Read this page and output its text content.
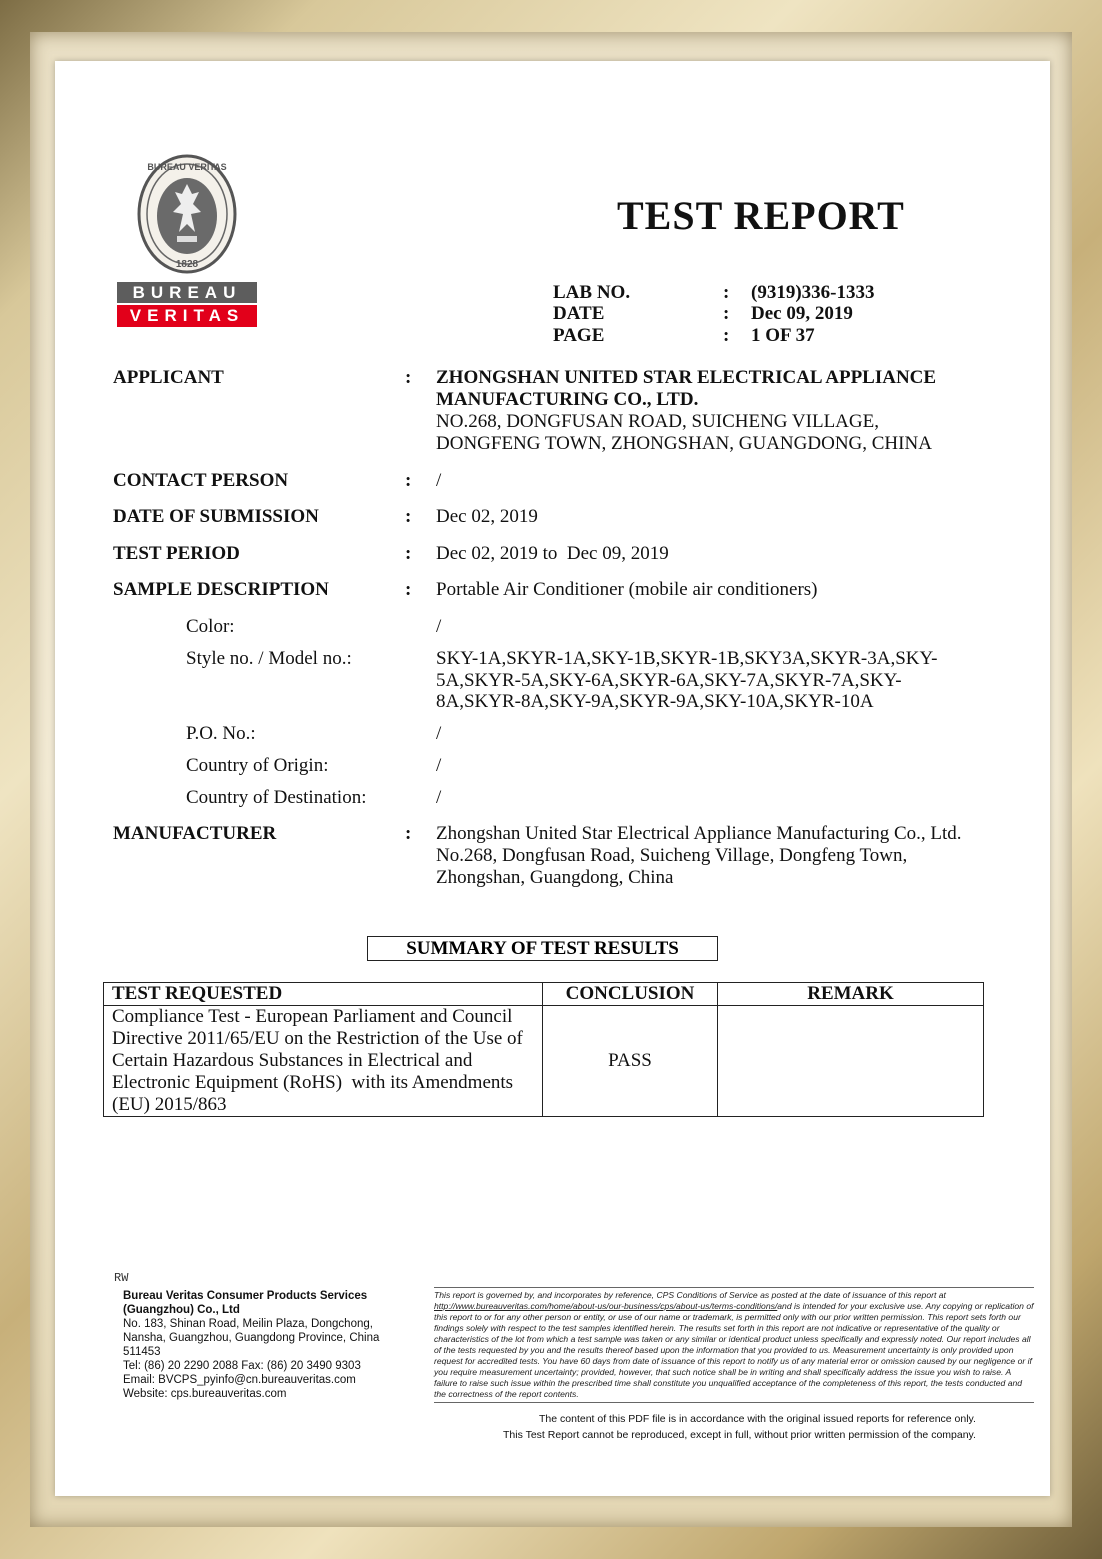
BUREAU VERITAS
1828
BUREAU
VERITAS
TEST REPORT
LAB NO.	: (9319)336-1333
DATE	: Dec 09, 2019
PAGE	: 1 OF 37
APPLICANT	: ZHONGSHAN UNITED STAR ELECTRICAL APPLIANCE
MANUFACTURING CO., LTD.
NO.268, DONGFUSAN ROAD, SUICHENG VILLAGE,
DONGFENG TOWN, ZHONGSHAN, GUANGDONG, CHINA
CONTACT PERSON	: /
DATE OF SUBMISSION	: Dec 02, 2019
TEST PERIOD	: Dec 02, 2019 to  Dec 09, 2019
SAMPLE DESCRIPTION	: Portable Air Conditioner (mobile air conditioners)
Color:	/
Style no. / Model no.:	SKY-1A,SKYR-1A,SKY-1B,SKYR-1B,SKY3A,SKYR-3A,SKY-
5A,SKYR-5A,SKY-6A,SKYR-6A,SKY-7A,SKYR-7A,SKY-
8A,SKYR-8A,SKY-9A,SKYR-9A,SKY-10A,SKYR-10A
P.O. No.:	/
Country of Origin:	/
Country of Destination:	/
MANUFACTURER	: Zhongshan United Star Electrical Appliance Manufacturing Co., Ltd.
No.268, Dongfusan Road, Suicheng Village, Dongfeng Town,
Zhongshan, Guangdong, China
SUMMARY OF TEST RESULTS
TEST REQUESTED	CONCLUSION	REMARK

Compliance Test - European Parliament and Council
Directive 2011/65/EU on the Restriction of the Use of
Certain Hazardous Substances in Electrical and
Electronic Equipment (RoHS)  with its Amendments
(EU) 2015/863	PASS	
RW
Bureau Veritas Consumer Products Services
(Guangzhou) Co., Ltd
No. 183, Shinan Road, Meilin Plaza, Dongchong,
Nansha, Guangzhou, Guangdong Province, China
511453
Tel: (86) 20 2290 2088 Fax: (86) 20 3490 9303
Email: BVCPS_pyinfo@cn.bureauveritas.com
Website: cps.bureauveritas.com
This report is governed by, and incorporates by reference, CPS Conditions of Service as posted at the date of issuance of this report at http://www.bureauveritas.com/home/about-us/our-business/cps/about-us/terms-conditions/and is intended for your exclusive use. Any copying or replication of this report to or for any other person or entity, or use of our name or trademark, is permitted only with our prior written permission. This report sets forth our findings solely with respect to the test samples identified herein. The results set forth in this report are not indicative or representative of the quality or characteristics of the lot from which a test sample was taken or any similar or identical product unless specifically and expressly noted. Our report includes all of the tests requested by you and the results thereof based upon the information that you provided to us. Measurement uncertainty is only provided upon request for accredited tests. You have 60 days from date of issuance of this report to notify us of any material error or omission caused by our negligence or if you require measurement uncertainty; provided, however, that such notice shall be in writing and shall specifically address the issue you wish to raise. A failure to raise such issue within the prescribed time shall constitute you unqualified acceptance of the completeness of this report, the tests conducted and the correctness of the report contents.
The content of this PDF file is in accordance with the original issued reports for reference only.
This Test Report cannot be reproduced, except in full, without prior written permission of the company.
